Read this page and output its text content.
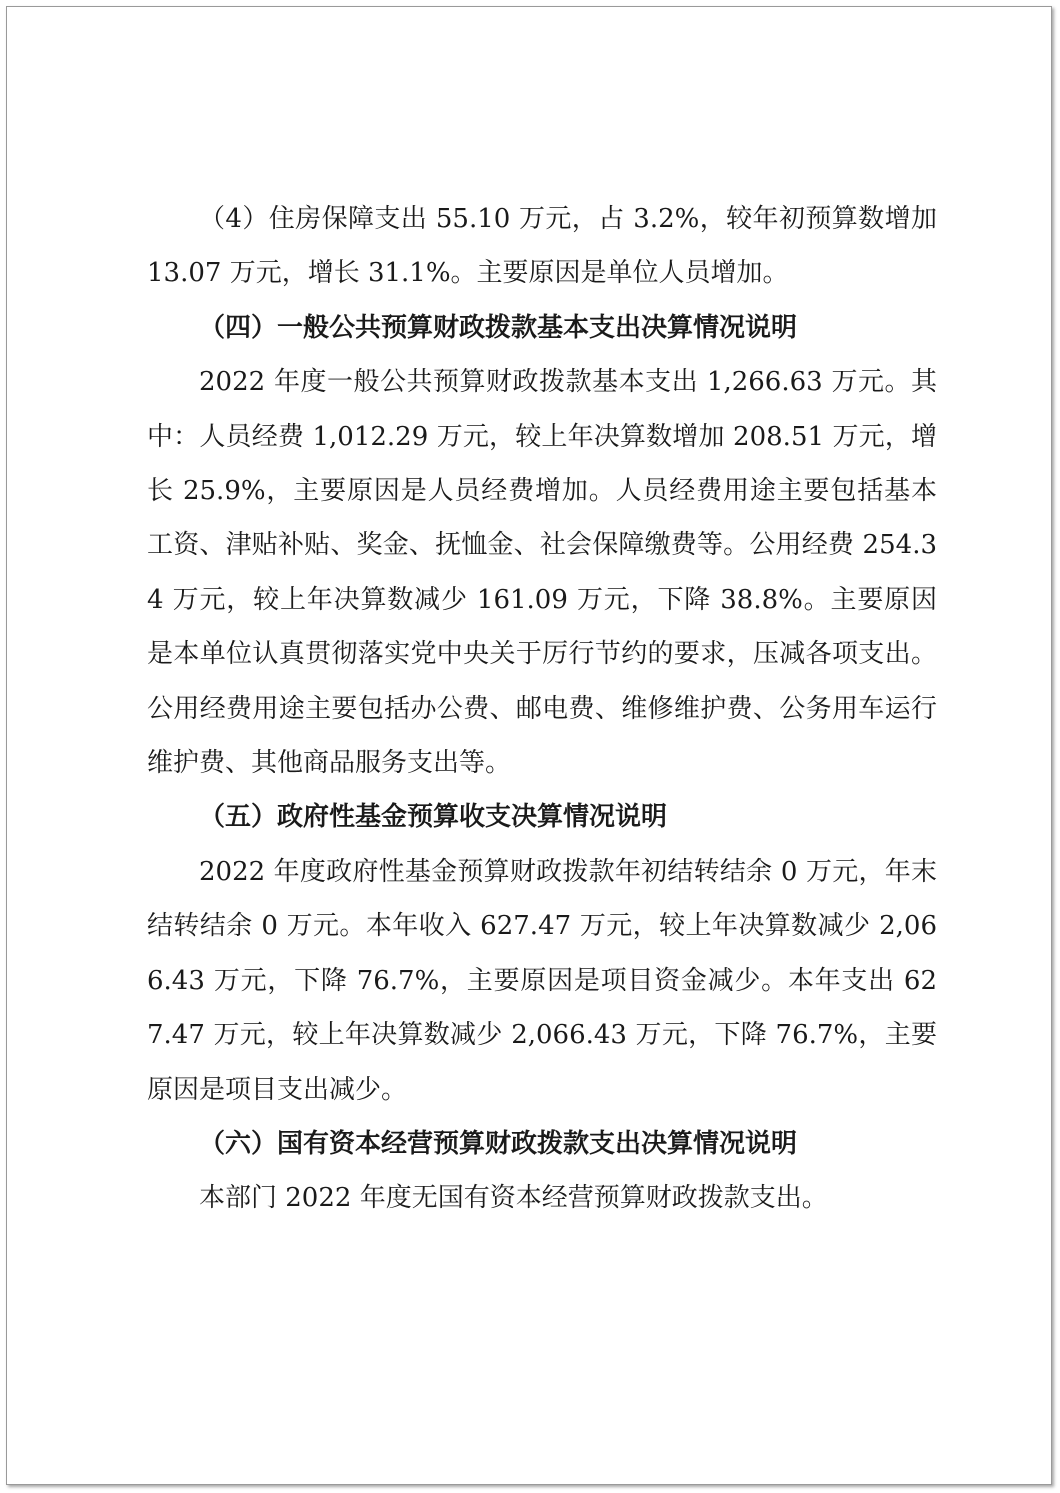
（4）住房保障支出 55.10 万元，占 3.2%，较年初预算数增加 13.07 万元，增长 31.1%。主要原因是单位人员增加。

（四）一般公共预算财政拨款基本支出决算情况说明

2022 年度一般公共预算财政拨款基本支出 1,266.63 万元。其中：人员经费 1,012.29 万元，较上年决算数增加 208.51 万元，增长 25.9%，主要原因是人员经费增加。人员经费用途主要包括基本工资、津贴补贴、奖金、抚恤金、社会保障缴费等。公用经费 254.34 万元，较上年决算数减少 161.09 万元，下降 38.8%。主要原因是本单位认真贯彻落实党中央关于厉行节约的要求，压减各项支出。公用经费用途主要包括办公费、邮电费、维修维护费、公务用车运行维护费、其他商品服务支出等。

（五）政府性基金预算收支决算情况说明

2022 年度政府性基金预算财政拨款年初结转结余 0 万元，年末结转结余 0 万元。本年收入 627.47 万元，较上年决算数减少 2,066.43 万元，下降 76.7%，主要原因是项目资金减少。本年支出 627.47 万元，较上年决算数减少 2,066.43 万元，下降 76.7%，主要原因是项目支出减少。

（六）国有资本经营预算财政拨款支出决算情况说明

本部门 2022 年度无国有资本经营预算财政拨款支出。
